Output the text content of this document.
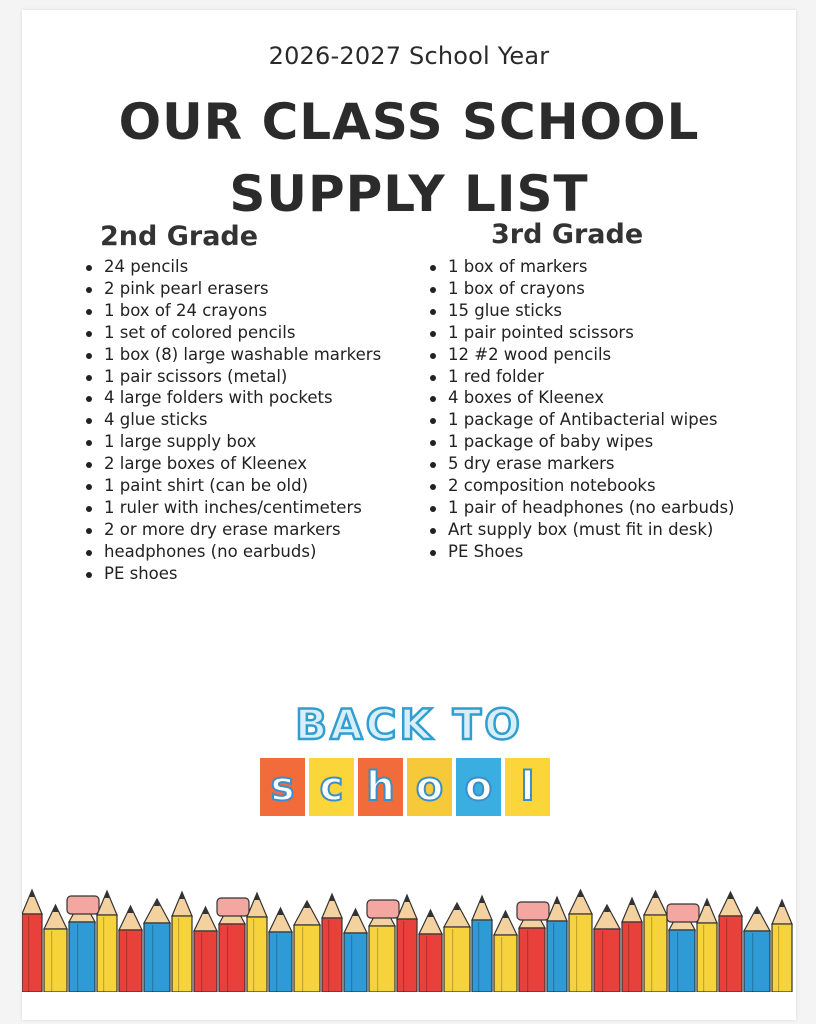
2026-2027 School Year
OUR CLASS SCHOOL
SUPPLY LIST
2nd Grade
24 pencils
2 pink pearl erasers
1 box of 24 crayons
1 set of colored pencils
1 box (8) large washable markers
1 pair scissors (metal)
4 large folders with pockets
4 glue sticks
1 large supply box
2 large boxes of Kleenex
1 paint shirt (can be old)
1 ruler with inches/centimeters
2 or more dry erase markers
headphones (no earbuds)
PE shoes
3rd Grade
1 box of markers
1 box of crayons
15 glue sticks
1 pair pointed scissors
12 #2 wood pencils
1 red folder
4 boxes of Kleenex
1 package of Antibacterial wipes
1 package of baby wipes
5 dry erase markers
2 composition notebooks
1 pair of headphones (no earbuds)
Art supply box (must fit in desk)
PE Shoes
BACK TO
s c h o o l
